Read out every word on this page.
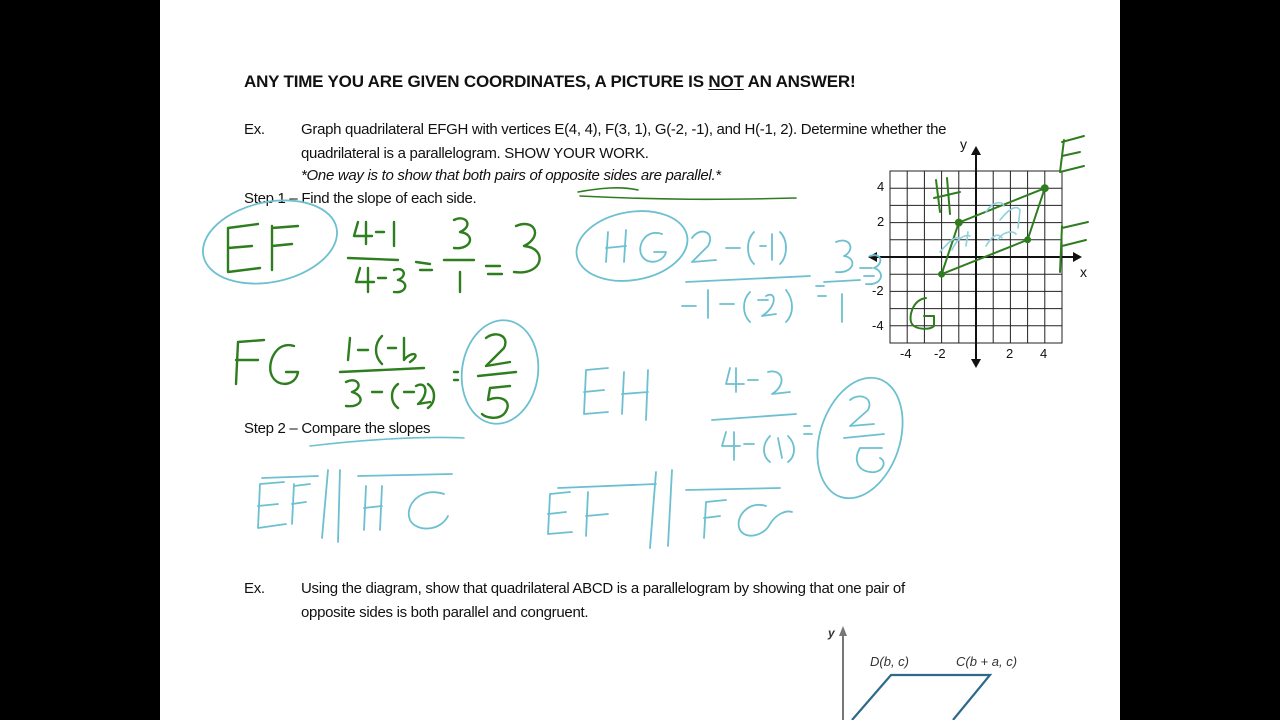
ANY TIME YOU ARE GIVEN COORDINATES, A PICTURE IS NOT AN ANSWER!
Ex. Graph quadrilateral EFGH with vertices E(4, 4), F(3, 1), G(-2, -1), and H(-1, 2). Determine whether the
quadrilateral is a parallelogram. SHOW YOUR WORK.
*One way is to show that both pairs of opposite sides are parallel.*
Step 1 – Find the slope of each side.
Step 2 – Compare the slopes
Ex. Using the diagram, show that quadrilateral ABCD is a parallelogram by showing that one pair of
opposite sides is both parallel and congruent.
4
2
-2
-4
-4 -2	2 4
x
y
y
D(b, c)	C(b + a, c)
